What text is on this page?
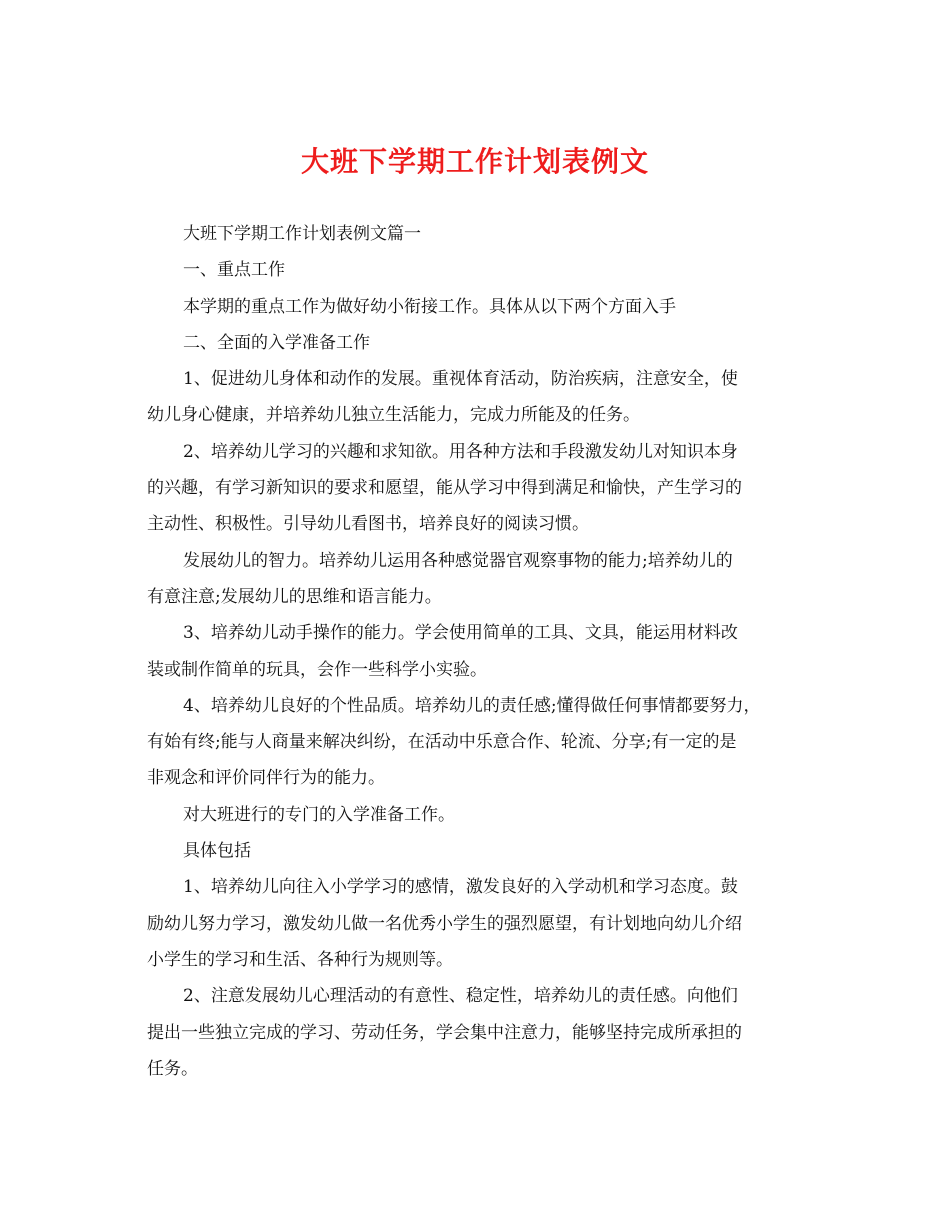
大班下学期工作计划表例文
大班下学期工作计划表例文篇一
一、重点工作
本学期的重点工作为做好幼小衔接工作。具体从以下两个方面入手
二、全面的入学准备工作
1、促进幼儿身体和动作的发展。重视体育活动，防治疾病，注意安全，使
幼儿身心健康，并培养幼儿独立生活能力，完成力所能及的任务。
2、培养幼儿学习的兴趣和求知欲。用各种方法和手段激发幼儿对知识本身
的兴趣，有学习新知识的要求和愿望，能从学习中得到满足和愉快，产生学习的
主动性、积极性。引导幼儿看图书，培养良好的阅读习惯。
发展幼儿的智力。培养幼儿运用各种感觉器官观察事物的能力;培养幼儿的
有意注意;发展幼儿的思维和语言能力。
3、培养幼儿动手操作的能力。学会使用简单的工具、文具，能运用材料改
装或制作简单的玩具，会作一些科学小实验。
4、培养幼儿良好的个性品质。培养幼儿的责任感;懂得做任何事情都要努力，
有始有终;能与人商量来解决纠纷，在活动中乐意合作、轮流、分享;有一定的是
非观念和评价同伴行为的能力。
对大班进行的专门的入学准备工作。
具体包括
1、培养幼儿向往入小学学习的感情，激发良好的入学动机和学习态度。鼓
励幼儿努力学习，激发幼儿做一名优秀小学生的强烈愿望，有计划地向幼儿介绍
小学生的学习和生活、各种行为规则等。
2、注意发展幼儿心理活动的有意性、稳定性，培养幼儿的责任感。向他们
提出一些独立完成的学习、劳动任务，学会集中注意力，能够坚持完成所承担的
任务。
